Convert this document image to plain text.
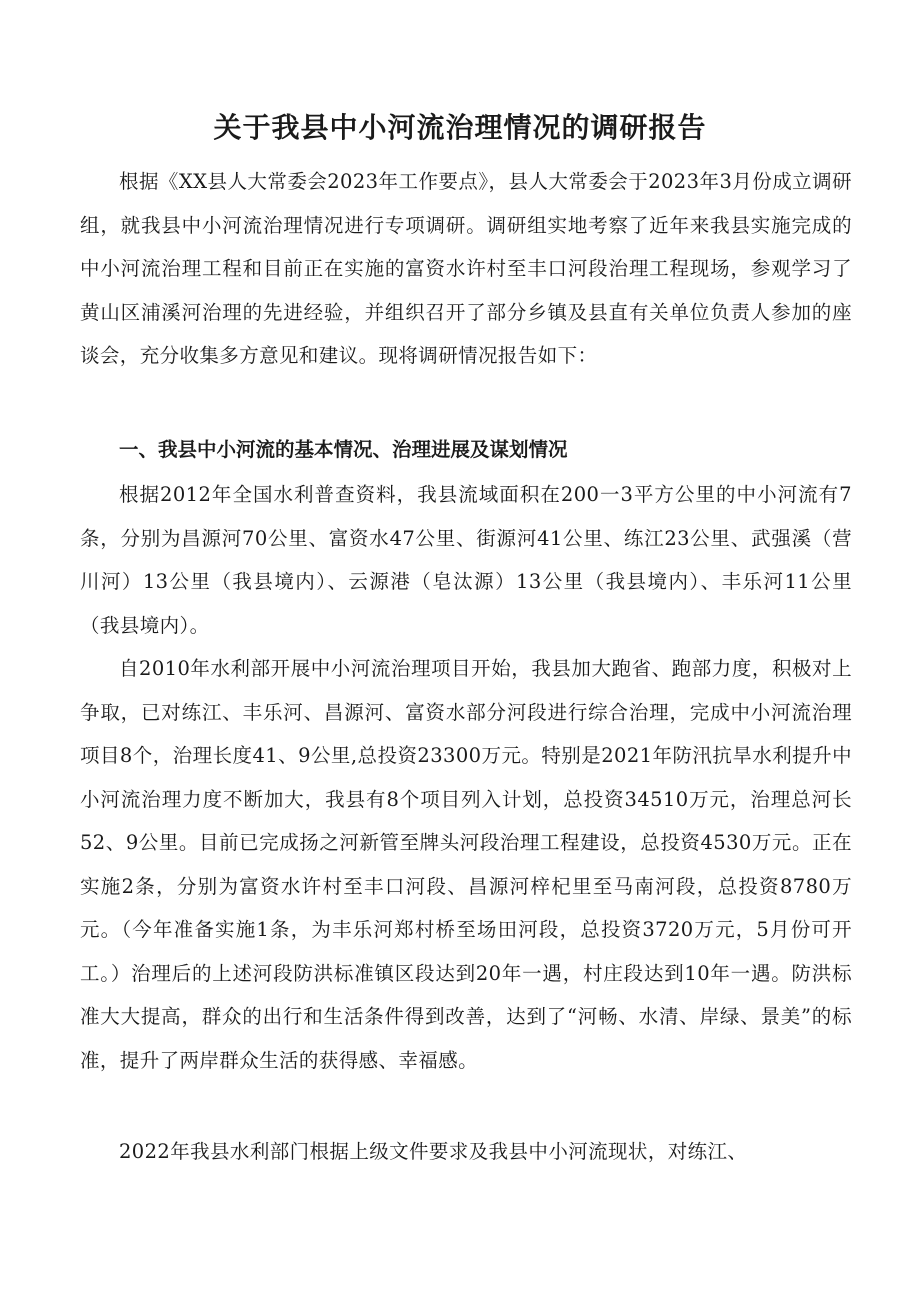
关于我县中小河流治理情况的调研报告

根据《XX县人大常委会2023年工作要点》，县人大常委会于2023年3月份成立调研组，就我县中小河流治理情况进行专项调研。调研组实地考察了近年来我县实施完成的中小河流治理工程和目前正在实施的富资水许村至丰口河段治理工程现场，参观学习了黄山区浦溪河治理的先进经验，并组织召开了部分乡镇及县直有关单位负责人参加的座谈会，充分收集多方意见和建议。现将调研情况报告如下：

一、我县中小河流的基本情况、治理进展及谋划情况

根据2012年全国水利普查资料，我县流域面积在200一3平方公里的中小河流有7条，分别为昌源河70公里、富资水47公里、街源河41公里、练江23公里、武强溪（营川河）13公里（我县境内）、云源港（皂汰源）13公里（我县境内）、丰乐河11公里（我县境内）。

自2010年水利部开展中小河流治理项目开始，我县加大跑省、跑部力度，积极对上争取，已对练江、丰乐河、昌源河、富资水部分河段进行综合治理，完成中小河流治理项目8个，治理长度41、9公里,总投资23300万元。特别是2021年防汛抗旱水利提升中小河流治理力度不断加大，我县有8个项目列入计划，总投资34510万元，治理总河长52、9公里。目前已完成扬之河新管至牌头河段治理工程建设，总投资4530万元。正在实施2条，分别为富资水许村至丰口河段、昌源河梓杞里至马南河段，总投资8780万元。（今年准备实施1条，为丰乐河郑村桥至场田河段，总投资3720万元，5月份可开工。）治理后的上述河段防洪标准镇区段达到20年一遇，村庄段达到10年一遇。防洪标准大大提高，群众的出行和生活条件得到改善，达到了“河畅、水清、岸绿、景美”的标准，提升了两岸群众生活的获得感、幸福感。

2022年我县水利部门根据上级文件要求及我县中小河流现状，对练江、
